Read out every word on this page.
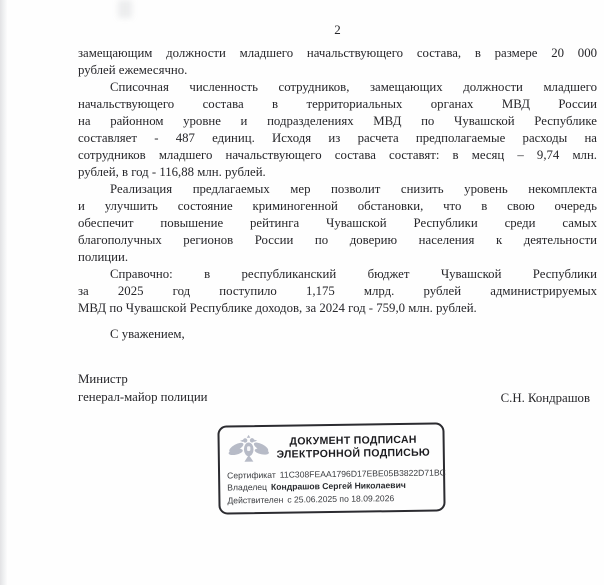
2
замещающим должности младшего начальствующего состава, в размере 20 000
рублей ежемесячно.
Списочная численность сотрудников, замещающих должности младшего
начальствующего состава в территориальных органах МВД России
на районном уровне и подразделениях МВД по Чувашской Республике
составляет - 487 единиц. Исходя из расчета предполагаемые расходы на
сотрудников младшего начальствующего состава составят: в месяц – 9,74 млн.
рублей, в год - 116,88 млн. рублей.
Реализация предлагаемых мер позволит снизить уровень некомплекта
и улучшить состояние криминогенной обстановки, что в свою очередь
обеспечит повышение рейтинга Чувашской Республики среди самых
благополучных регионов России по доверию населения к деятельности
полиции.
Справочно: в республиканский бюджет Чувашской Республики
за 2025 год поступило 1,175 млрд. рублей администрируемых
МВД по Чувашской Республике доходов, за 2024 год - 759,0 млн. рублей.
С уважением,
Министр
генерал-майор полиции	С.Н. Кондрашов
ДОКУМЕНТ ПОДПИСАН
ЭЛЕКТРОННОЙ ПОДПИСЬЮ
Сертификат 11C308FEAA1796D17EBE05B3822D71BC
Владелец Кондрашов Сергей Николаевич
Действителен с 25.06.2025 по 18.09.2026
